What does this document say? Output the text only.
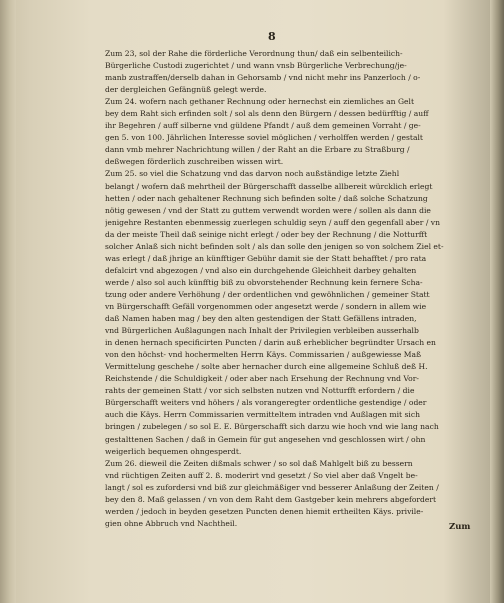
8
Zum 23, sol der Rahe die förderliche Verordnung thun/ daß ein selbenteilich-
Bürgerliche Custodi zugerichtet / und wann vnsb Bürgerliche Verbrechung/je-
manb zustraffen/derselb dahan in Gehorsamb / vnd nicht mehr ins Panzerloch / o-
der dergleichen Gefängnüß gelegt werde.
Zum 24. wofern nach gethaner Rechnung oder hernechst ein ziemliches an Gelt
bey dem Raht sich erfinden solt / sol als denn den Bürgern / dessen bedürfftig / auff
ihr Begehren / auff silberne vnd güldene Pfandt / auß dem gemeinen Vorraht / ge-
gen 5. von 100. Jährlichen Interesse soviel möglichen / verholffen werden / gestalt
dann vmb mehrer Nachrichtung willen / der Raht an die Erbare zu Straßburg /
deßwegen förderlich zuschreiben wissen wirt.
Zum 25. so viel die Schatzung vnd das darvon noch außständige letzte Ziehl
belangt / wofern daß mehrtheil der Bürgerschafft dasselbe allbereit würcklich erlegt
hetten / oder nach gehaltener Rechnung sich befinden solte / daß solche Schatzung
nötig gewesen / vnd der Statt zu guttem verwendt worden were / sollen als dann die
jenigehre Restanten ebenmessig zuerlegen schuldig seyn / auff den gegenfall aber / vn
da der meiste Theil daß seinige nicht erlegt / oder bey der Rechnung / die Notturfft
solcher Anlaß sich nicht befinden solt / als dan solle den jenigen so von solchem Ziel et-
was erlegt / daß jhrige an künfftiger Gebühr damit sie der Statt behafftet / pro rata
defalcirt vnd abgezogen / vnd also ein durchgehende Gleichheit darbey gehalten
werde / also sol auch künfftig biß zu obvorstehender Rechnung kein fernere Scha-
tzung oder andere Verhöhung / der ordentlichen vnd gewöhnlichen / gemeiner Statt
vn Bürgerschafft Gefäll vorgenommen oder angesetzt werde / sondern in allem wie
daß Namen haben mag / bey den alten gestendigen der Statt Gefällens intraden,
vnd Bürgerlichen Außlagungen nach Inhalt der Privilegien verbleiben ausserhalb
in denen hernach specificirten Puncten / darin auß erheblicher begründter Ursach en
von den höchst- vnd hochermelten Herrn Käys. Commissarien / außgewiesse Maß
Vermittelung geschehe / solte aber hernacher durch eine allgemeine Schluß deß H.
Reichstende / die Schuldigkeit / oder aber nach Ersehung der Rechnung vnd Vor-
rahts der gemeinen Statt / vor sich selbsten nutzen vnd Notturfft erfordern / die
Bürgerschafft weiters vnd höhers / als vorangeregter ordentliche gestendige / oder
auch die Käys. Herrn Commissarien vermitteltem intraden vnd Außlagen mit sich
bringen / zubelegen / so sol E. E. Bürgerschafft sich darzu wie hoch vnd wie lang nach
gestalttenen Sachen / daß in Gemein für gut angesehen vnd geschlossen wirt / ohn
weigerlich bequemen ohngesperdt.
Zum 26. dieweil die Zeiten dißmals schwer / so sol daß Mahlgelt biß zu bessern
vnd rüchtigen Zeiten auff 2. ß. moderirt vnd gesetzt / So viel aber daß Vngelt be-
langt / sol es zufordersi vnd biß zur gleichmäßiger vnd besserer Anlaßung der Zeiten /
bey den 8. Maß gelassen / vn von dem Raht dem Gastgeber kein mehrers abgefordert
werden / jedoch in beyden gesetzen Puncten denen hiemit ertheilten Käys. privile-
gien ohne Abbruch vnd Nachtheil.	Zum
